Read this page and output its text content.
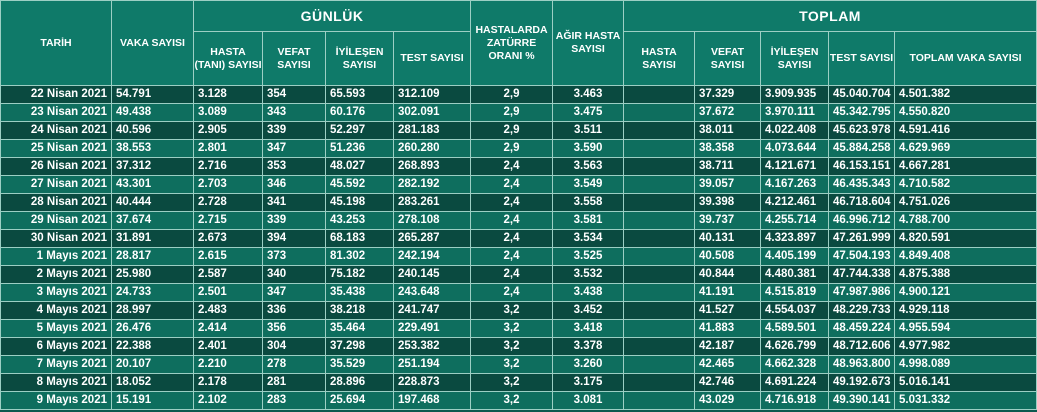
TARİH	VAKA SAYISI	GÜNLÜK				HASTALARDA ZATÜRRE ORANI %	AĞIR HASTA SAYISI	TOPLAM				
		HASTA (TANI) SAYISI	VEFAT SAYISI	İYİLEŞEN SAYISI	TEST SAYISI			HASTA SAYISI	VEFAT SAYISI	İYİLEŞEN SAYISI	TEST SAYISI	TOPLAM VAKA SAYISI
22 Nisan 2021	54.791	3.128	354	65.593	312.109	2,9	3.463		37.329	3.909.935	45.040.704	4.501.382
23 Nisan 2021	49.438	3.089	343	60.176	302.091	2,9	3.475		37.672	3.970.111	45.342.795	4.550.820
24 Nisan 2021	40.596	2.905	339	52.297	281.183	2,9	3.511		38.011	4.022.408	45.623.978	4.591.416
25 Nisan 2021	38.553	2.801	347	51.236	260.280	2,9	3.590		38.358	4.073.644	45.884.258	4.629.969
26 Nisan 2021	37.312	2.716	353	48.027	268.893	2,4	3.563		38.711	4.121.671	46.153.151	4.667.281
27 Nisan 2021	43.301	2.703	346	45.592	282.192	2,4	3.549		39.057	4.167.263	46.435.343	4.710.582
28 Nisan 2021	40.444	2.728	341	45.198	283.261	2,4	3.558		39.398	4.212.461	46.718.604	4.751.026
29 Nisan 2021	37.674	2.715	339	43.253	278.108	2,4	3.581		39.737	4.255.714	46.996.712	4.788.700
30 Nisan 2021	31.891	2.673	394	68.183	265.287	2,4	3.534		40.131	4.323.897	47.261.999	4.820.591
1 Mayıs 2021	28.817	2.615	373	81.302	242.194	2,4	3.525		40.508	4.405.199	47.504.193	4.849.408
2 Mayıs 2021	25.980	2.587	340	75.182	240.145	2,4	3.532		40.844	4.480.381	47.744.338	4.875.388
3 Mayıs 2021	24.733	2.501	347	35.438	243.648	2,4	3.438		41.191	4.515.819	47.987.986	4.900.121
4 Mayıs 2021	28.997	2.483	336	38.218	241.747	3,2	3.452		41.527	4.554.037	48.229.733	4.929.118
5 Mayıs 2021	26.476	2.414	356	35.464	229.491	3,2	3.418		41.883	4.589.501	48.459.224	4.955.594
6 Mayıs 2021	22.388	2.401	304	37.298	253.382	3,2	3.378		42.187	4.626.799	48.712.606	4.977.982
7 Mayıs 2021	20.107	2.210	278	35.529	251.194	3,2	3.260		42.465	4.662.328	48.963.800	4.998.089
8 Mayıs 2021	18.052	2.178	281	28.896	228.873	3,2	3.175		42.746	4.691.224	49.192.673	5.016.141
9 Mayıs 2021	15.191	2.102	283	25.694	197.468	3,2	3.081		43.029	4.716.918	49.390.141	5.031.332
